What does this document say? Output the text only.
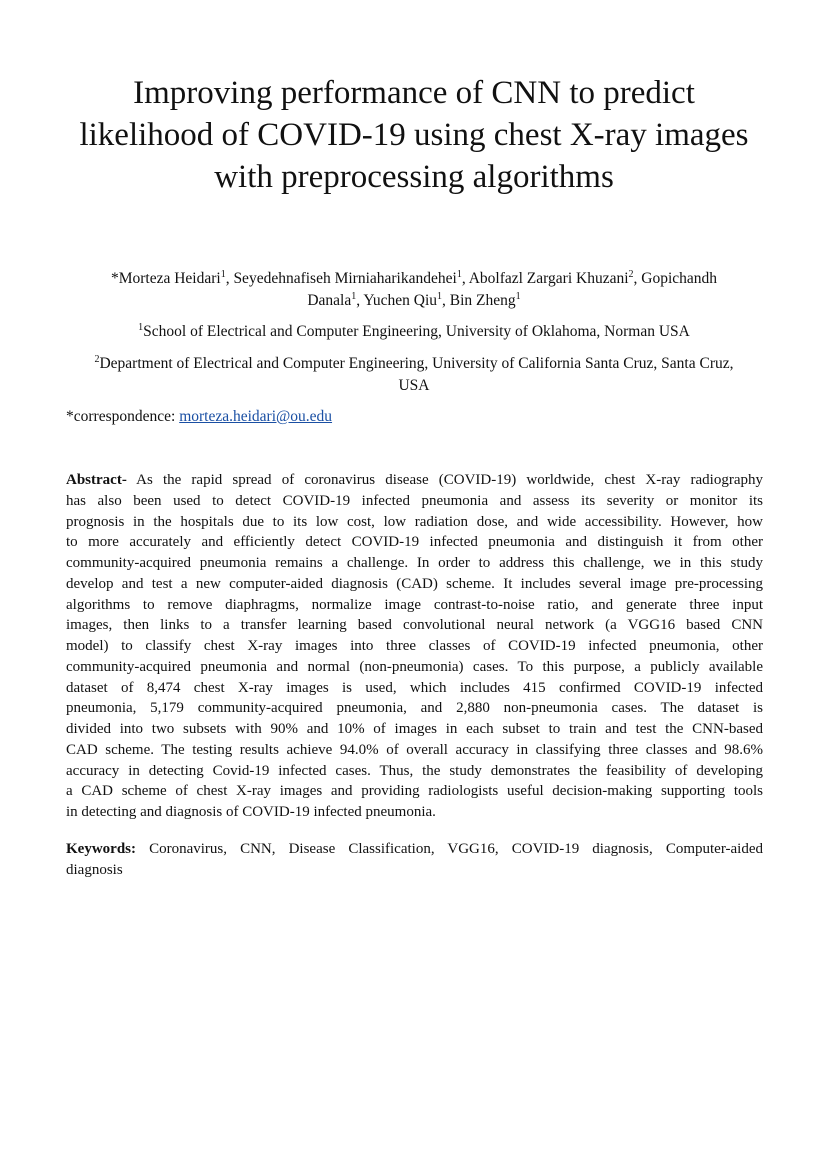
Improving performance of CNN to predict
likelihood of COVID-19 using chest X-ray images
with preprocessing algorithms
*Morteza Heidari$^1$, Seyedehnafiseh Mirniaharikandehei$^1$, Abolfazl Zargari Khuzani$^2$, Gopichandh
Danala$^1$, Yuchen Qiu$^1$, Bin Zheng$^1$
$^1$School of Electrical and Computer Engineering, University of Oklahoma, Norman USA
$^2$Department of Electrical and Computer Engineering, University of California Santa Cruz, Santa Cruz,
USA
*correspondence: morteza.heidari@ou.edu
Abstract- As the rapid spread of coronavirus disease (COVID-19) worldwide, chest X-ray radiography
has also been used to detect COVID-19 infected pneumonia and assess its severity or monitor its
prognosis in the hospitals due to its low cost, low radiation dose, and wide accessibility. However, how
to more accurately and efficiently detect COVID-19 infected pneumonia and distinguish it from other
community-acquired pneumonia remains a challenge. In order to address this challenge, we in this study
develop and test a new computer-aided diagnosis (CAD) scheme. It includes several image pre-processing
algorithms to remove diaphragms, normalize image contrast-to-noise ratio, and generate three input
images, then links to a transfer learning based convolutional neural network (a VGG16 based CNN
model) to classify chest X-ray images into three classes of COVID-19 infected pneumonia, other
community-acquired pneumonia and normal (non-pneumonia) cases. To this purpose, a publicly available
dataset of 8,474 chest X-ray images is used, which includes 415 confirmed COVID-19 infected
pneumonia, 5,179 community-acquired pneumonia, and 2,880 non-pneumonia cases. The dataset is
divided into two subsets with 90% and 10% of images in each subset to train and test the CNN-based
CAD scheme. The testing results achieve 94.0% of overall accuracy in classifying three classes and 98.6%
accuracy in detecting Covid-19 infected cases. Thus, the study demonstrates the feasibility of developing
a CAD scheme of chest X-ray images and providing radiologists useful decision-making supporting tools
in detecting and diagnosis of COVID-19 infected pneumonia.
Keywords: Coronavirus, CNN, Disease Classification, VGG16, COVID-19 diagnosis, Computer-aided
diagnosis
